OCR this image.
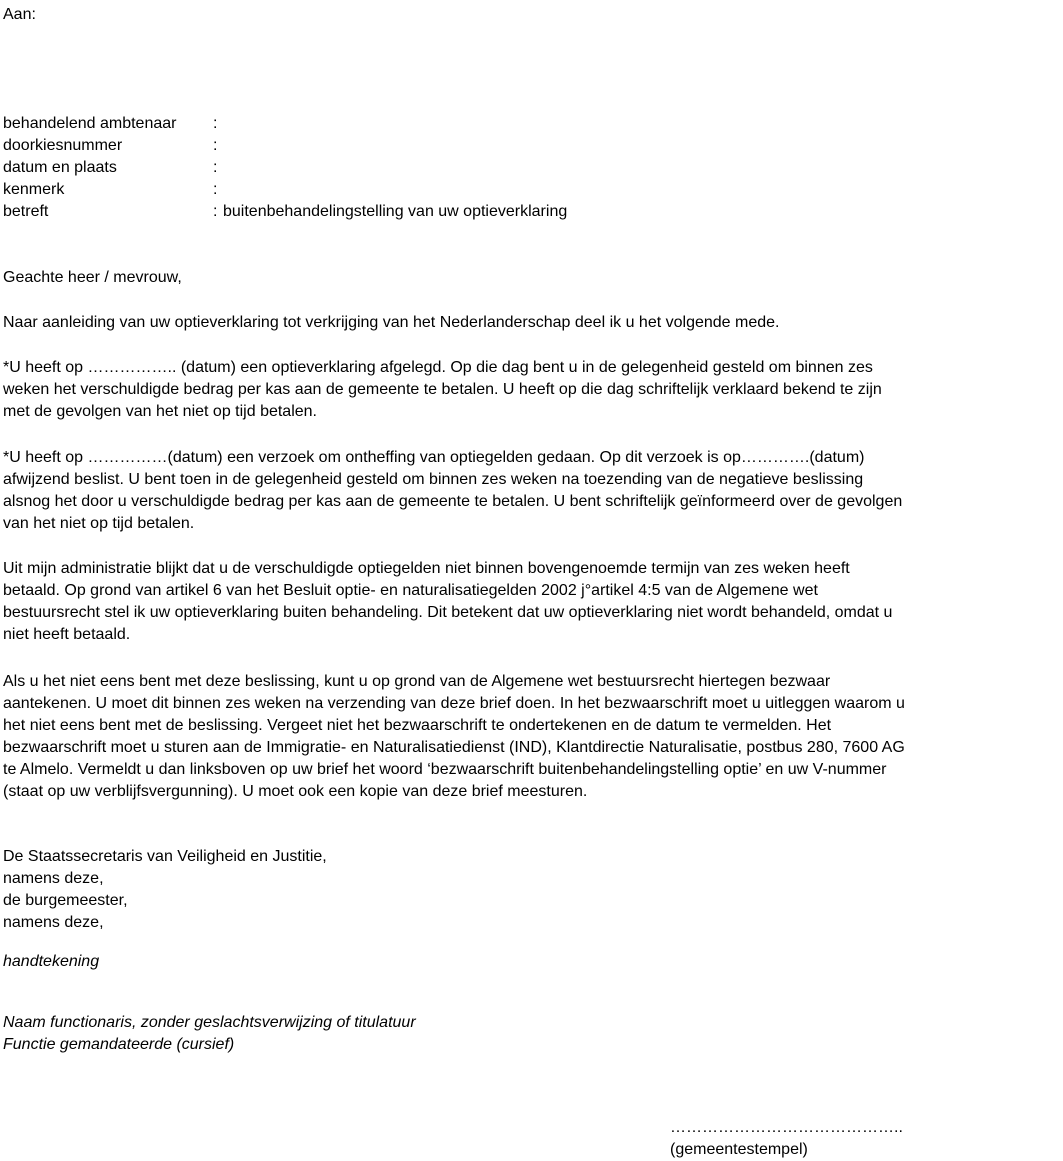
Aan:
behandelend ambtenaar :
doorkiesnummer	:
datum en plaats	:
kenmerk	:
betreft	: buitenbehandelingstelling van uw optieverklaring
Geachte heer / mevrouw,
Naar aanleiding van uw optieverklaring tot verkrijging van het Nederlanderschap deel ik u het volgende mede.
*U heeft op …………….. (datum) een optieverklaring afgelegd. Op die dag bent u in de gelegenheid gesteld om binnen zes
weken het verschuldigde bedrag per kas aan de gemeente te betalen. U heeft op die dag schriftelijk verklaard bekend te zijn
met de gevolgen van het niet op tijd betalen.
*U heeft op ……………(datum) een verzoek om ontheffing van optiegelden gedaan. Op dit verzoek is op………….(datum)
afwijzend beslist. U bent toen in de gelegenheid gesteld om binnen zes weken na toezending van de negatieve beslissing
alsnog het door u verschuldigde bedrag per kas aan de gemeente te betalen. U bent schriftelijk geïnformeerd over de gevolgen
van het niet op tijd betalen.
Uit mijn administratie blijkt dat u de verschuldigde optiegelden niet binnen bovengenoemde termijn van zes weken heeft
betaald. Op grond van artikel 6 van het Besluit optie- en naturalisatiegelden 2002 j°artikel 4:5 van de Algemene wet
bestuursrecht stel ik uw optieverklaring buiten behandeling. Dit betekent dat uw optieverklaring niet wordt behandeld, omdat u
niet heeft betaald.
Als u het niet eens bent met deze beslissing, kunt u op grond van de Algemene wet bestuursrecht hiertegen bezwaar
aantekenen. U moet dit binnen zes weken na verzending van deze brief doen. In het bezwaarschrift moet u uitleggen waarom u
het niet eens bent met de beslissing. Vergeet niet het bezwaarschrift te ondertekenen en de datum te vermelden. Het
bezwaarschrift moet u sturen aan de Immigratie- en Naturalisatiedienst (IND), Klantdirectie Naturalisatie, postbus 280, 7600 AG
te Almelo. Vermeldt u dan linksboven op uw brief het woord ‘bezwaarschrift buitenbehandelingstelling optie’ en uw V-nummer
(staat op uw verblijfsvergunning). U moet ook een kopie van deze brief meesturen.
De Staatssecretaris van Veiligheid en Justitie,
namens deze,
de burgemeester,
namens deze,
handtekening
Naam functionaris, zonder geslachtsverwijzing of titulatuur
Functie gemandateerde (cursief)
……………………………………..
(gemeentestempel)
